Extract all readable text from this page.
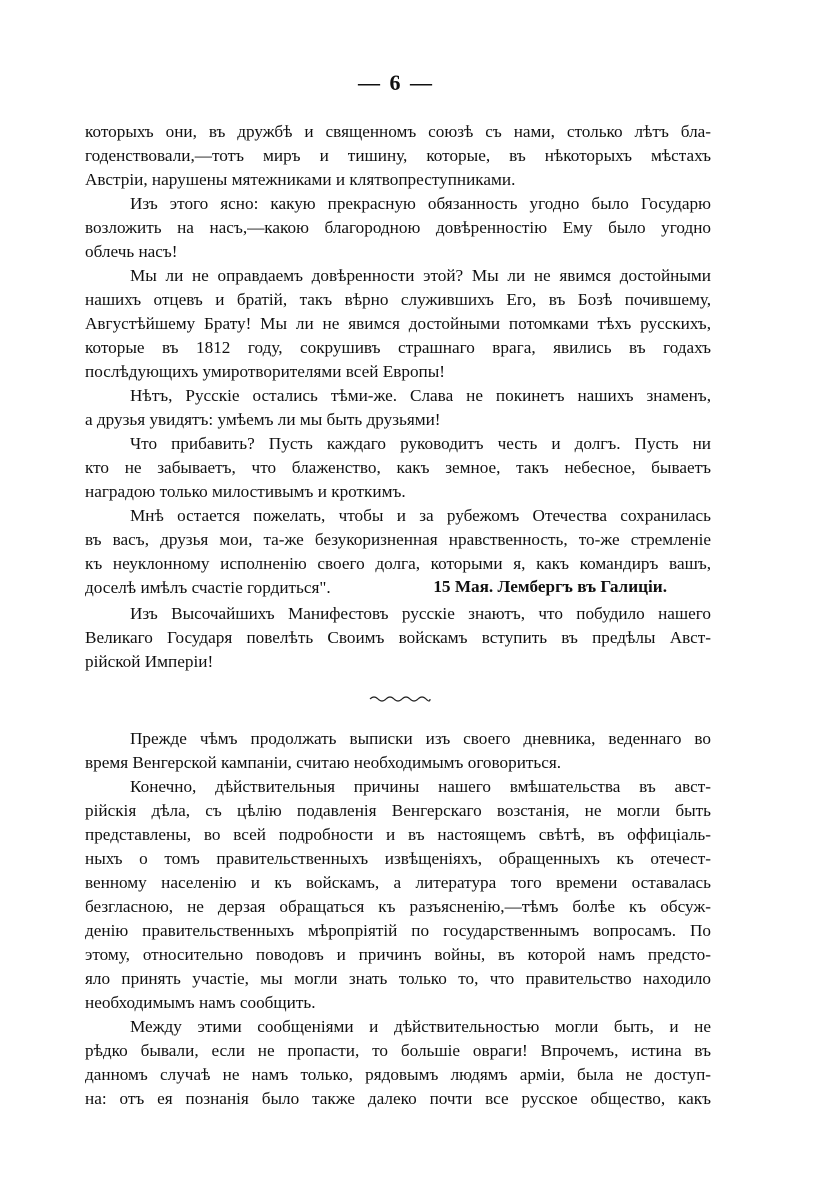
— 6 —
которыхъ они, въ дружбѣ и священномъ союзѣ съ нами, столько лѣтъ бла-
годенствовали,—тотъ миръ и тишину, которые, въ нѣкоторыхъ мѣстахъ
Австріи, нарушены мятежниками и клятвопреступниками.
Изъ этого ясно: какую прекрасную обязанность угодно было Государю
возложить на насъ,—какою благородною довѣренностію Ему было угодно
облечь насъ!
Мы ли не оправдаемъ довѣренности этой? Мы ли не явимся достойными
нашихъ отцевъ и братій, такъ вѣрно служившихъ Его, въ Бозѣ почившему,
Августѣйшему Брату! Мы ли не явимся достойными потомками тѣхъ русскихъ,
которые въ 1812 году, сокрушивъ страшнаго врага, явились въ годахъ
послѣдующихъ умиротворителями всей Европы!
Нѣтъ, Русскіе остались тѣми-же. Слава не покинетъ нашихъ знаменъ,
а друзья увидятъ: умѣемъ ли мы быть друзьями!
Что прибавить? Пусть каждаго руководитъ честь и долгъ. Пусть ни
кто не забываетъ, что блаженство, какъ земное, такъ небесное, бываетъ
наградою только милостивымъ и кроткимъ.
Мнѣ остается пожелать, чтобы и за рубежомъ Отечества сохранилась
въ васъ, друзья мои, та-же безукоризненная нравственность, то-же стремленіе
къ неуклонному исполненію своего долга, которыми я, какъ командиръ вашъ,
доселѣ имѣлъ счастіе гордиться".	15 Мая. Лембергъ въ Галиціи.
Изъ Высочайшихъ Манифестовъ русскіе знаютъ, что побудило нашего
Великаго Государя повелѣть Своимъ войскамъ вступить въ предѣлы Авст-
рійской Имперіи!
Прежде чѣмъ продолжать выписки изъ своего дневника, веденнаго во
время Венгерской кампаніи, считаю необходимымъ оговориться.
Конечно, дѣйствительныя причины нашего вмѣшательства въ авст-
рійскія дѣла, съ цѣлію подавленія Венгерскаго возстанія, не могли быть
представлены, во всей подробности и въ настоящемъ свѣтѣ, въ оффиціаль-
ныхъ о томъ правительственныхъ извѣщеніяхъ, обращенныхъ къ отечест-
венному населенію и къ войскамъ, а литература того времени оставалась
безгласною, не дерзая обращаться къ разъясненію,—тѣмъ болѣе къ обсуж-
денію правительственныхъ мѣропріятій по государственнымъ вопросамъ. По
этому, относительно поводовъ и причинъ войны, въ которой намъ предсто-
яло принять участіе, мы могли знать только то, что правительство находило
необходимымъ намъ сообщить.
Между этими сообщеніями и дѣйствительностью могли быть, и не
рѣдко бывали, если не пропасти, то большіе овраги! Впрочемъ, истина въ
данномъ случаѣ не намъ только, рядовымъ людямъ арміи, была не доступ-
на: отъ ея познанія было также далеко почти все русское общество, какъ
